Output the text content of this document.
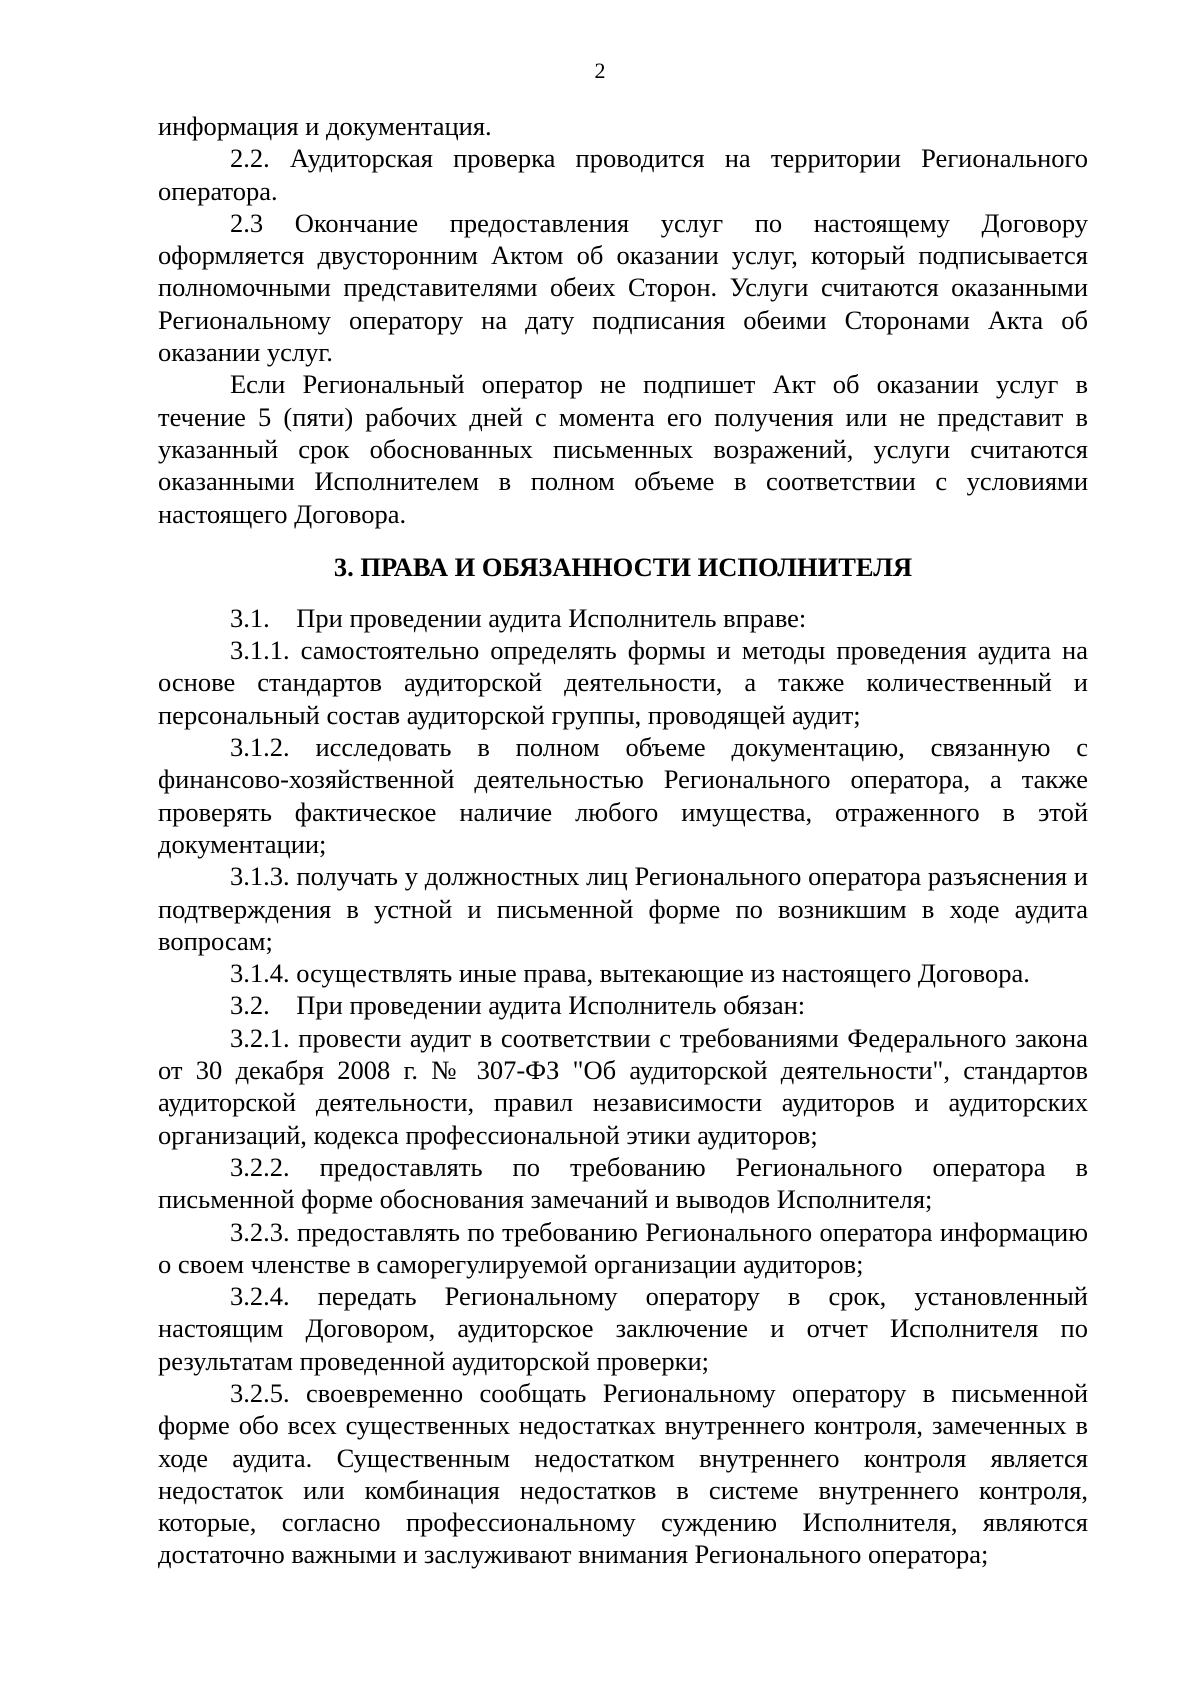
2

информация и документация.

2.2. Аудиторская проверка проводится на территории Регионального оператора.

2.3 Окончание предоставления услуг по настоящему Договору оформляется двусторонним Актом об оказании услуг, который подписывается полномочными представителями обеих Сторон. Услуги считаются оказанными Региональному оператору на дату подписания обеими Сторонами Акта об оказании услуг.

Если Региональный оператор не подпишет Акт об оказании услуг в течение 5 (пяти) рабочих дней с момента его получения или не представит в указанный срок обоснованных письменных возражений, услуги считаются оказанными Исполнителем в полном объеме в соответствии с условиями настоящего Договора.

3. ПРАВА И ОБЯЗАННОСТИ ИСПОЛНИТЕЛЯ

3.1. При проведении аудита Исполнитель вправе:

3.1.1. самостоятельно определять формы и методы проведения аудита на основе стандартов аудиторской деятельности, а также количественный и персональный состав аудиторской группы, проводящей аудит;

3.1.2. исследовать в полном объеме документацию, связанную с финансово-хозяйственной деятельностью Регионального оператора, а также проверять фактическое наличие любого имущества, отраженного в этой документации;

3.1.3. получать у должностных лиц Регионального оператора разъяснения и подтверждения в устной и письменной форме по возникшим в ходе аудита вопросам;

3.1.4. осуществлять иные права, вытекающие из настоящего Договора.

3.2. При проведении аудита Исполнитель обязан:

3.2.1. провести аудит в соответствии с требованиями Федерального закона от 30 декабря 2008 г. № 307-ФЗ "Об аудиторской деятельности", стандартов аудиторской деятельности, правил независимости аудиторов и аудиторских организаций, кодекса профессиональной этики аудиторов;

3.2.2. предоставлять по требованию Регионального оператора в письменной форме обоснования замечаний и выводов Исполнителя;

3.2.3. предоставлять по требованию Регионального оператора информацию о своем членстве в саморегулируемой организации аудиторов;

3.2.4. передать Региональному оператору в срок, установленный настоящим Договором, аудиторское заключение и отчет Исполнителя по результатам проведенной аудиторской проверки;

3.2.5. своевременно сообщать Региональному оператору в письменной форме обо всех существенных недостатках внутреннего контроля, замеченных в ходе аудита. Существенным недостатком внутреннего контроля является недостаток или комбинация недостатков в системе внутреннего контроля, которые, согласно профессиональному суждению Исполнителя, являются достаточно важными и заслуживают внимания Регионального оператора;
